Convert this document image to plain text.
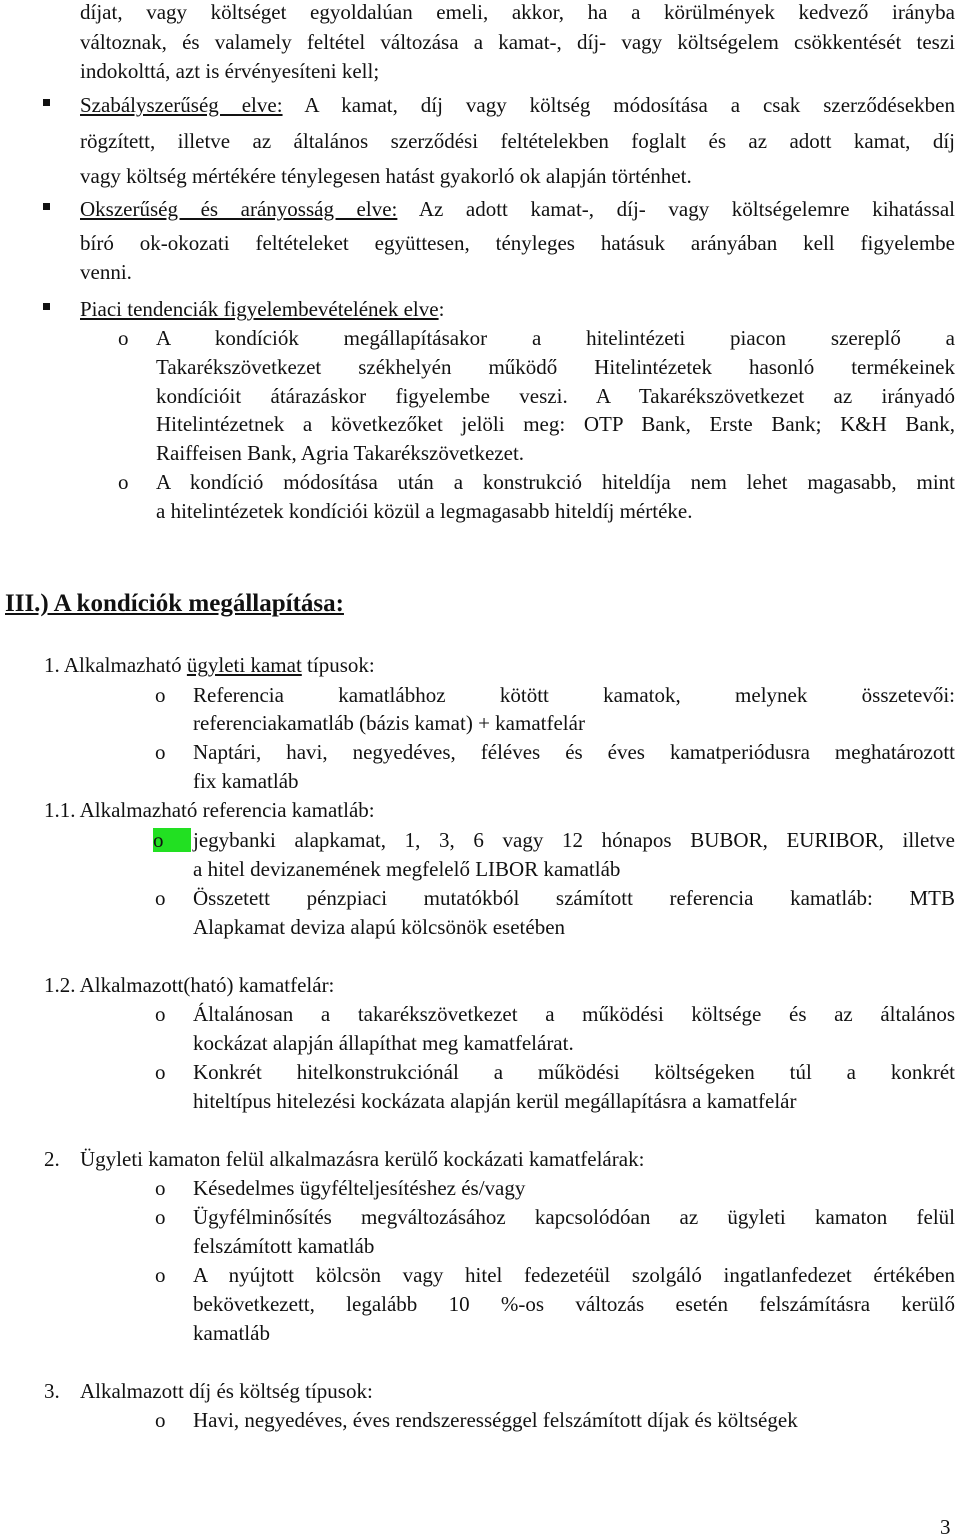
díjat, vagy költséget egyoldalúan emeli, akkor, ha a körülmények kedvező irányba
változnak, és valamely feltétel változása a kamat-, díj- vagy költségelem csökkentését teszi
indokolttá, azt is érvényesíteni kell;
Szabályszerűség elve: A kamat, díj vagy költség módosítása a csak szerződésekben
rögzített, illetve az általános szerződési feltételekben foglalt és az adott kamat, díj
vagy költség mértékére ténylegesen hatást gyakorló ok alapján történhet.
Okszerűség és arányosság elve: Az adott kamat-, díj- vagy költségelemre kihatással
bíró ok-okozati feltételeket együttesen, tényleges hatásuk arányában kell figyelembe
venni.
Piaci tendenciák figyelembevételének elve:
o A kondíciók megállapításakor a hitelintézeti piacon szereplő a
Takarékszövetkezet székhelyén működő Hitelintézetek hasonló termékeinek
kondícióit átárazáskor figyelembe veszi. A Takarékszövetkezet az irányadó
Hitelintézetnek a következőket jelöli meg: OTP Bank, Erste Bank; K&H Bank,
Raiffeisen Bank, Agria Takarékszövetkezet.
o A kondíció módosítása után a konstrukció hiteldíja nem lehet magasabb, mint
a hitelintézetek kondíciói közül a legmagasabb hiteldíj mértéke.
III.) A kondíciók megállapítása:
1. Alkalmazható ügyleti kamat típusok:
o Referencia kamatlábhoz kötött kamatok, melynek összetevői:
referenciakamatláb (bázis kamat) + kamatfelár
o Naptári, havi, negyedéves, féléves és éves kamatperiódusra meghatározott
fix kamatláb
1.1. Alkalmazható referencia kamatláb:
o	jegybanki alapkamat, 1, 3, 6 vagy 12 hónapos BUBOR, EURIBOR, illetve
a hitel devizanemének megfelelő LIBOR kamatláb
o Összetett pénzpiaci mutatókból számított referencia kamatláb: MTB
Alapkamat deviza alapú kölcsönök esetében
1.2. Alkalmazott(ható) kamatfelár:
o Általánosan a takarékszövetkezet a működési költsége és az általános
kockázat alapján állapíthat meg kamatfelárat.
o Konkrét hitelkonstrukciónál a működési költségeken túl a konkrét
hiteltípus hitelezési kockázata alapján kerül megállapításra a kamatfelár
2. Ügyleti kamaton felül alkalmazásra kerülő kockázati kamatfelárak:
o Késedelmes ügyfélteljesítéshez és/vagy
o Ügyfélminősítés megváltozásához kapcsolódóan az ügyleti kamaton felül
felszámított kamatláb
o A nyújtott kölcsön vagy hitel fedezetéül szolgáló ingatlanfedezet értékében
bekövetkezett, legalább 10 %-os változás esetén felszámításra kerülő
kamatláb
3. Alkalmazott díj és költség típusok:
o Havi, negyedéves, éves rendszerességgel felszámított díjak és költségek
3
